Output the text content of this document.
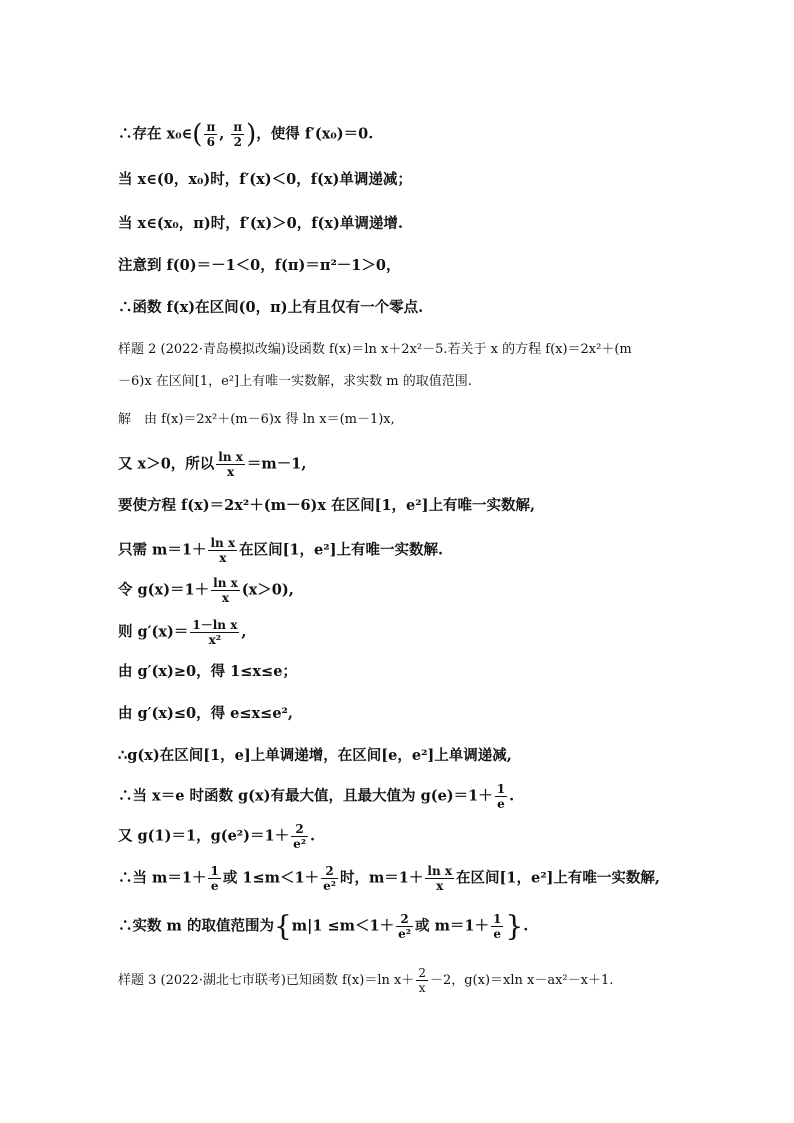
∴存在 x₀∈( $\frac{\pi}{6}$ , $\frac{\pi}{2}$ )，使得 f′(x₀)＝0.
当 x∈(0，x₀)时，f′(x)＜0，f(x)单调递减；
当 x∈(x₀，π)时，f′(x)＞0，f(x)单调递增.
注意到 f(0)＝－1＜0，f(π)＝π²－1＞0，
∴函数 f(x)在区间(0，π)上有且仅有一个零点.
样题 2 (2022·青岛模拟改编)设函数 f(x)＝ln x＋2x²－5.若关于 x 的方程 f(x)＝2x²＋(m
－6)x 在区间[1，e²]上有唯一实数解，求实数 m 的取值范围.
解　由 f(x)＝2x²＋(m－6)x 得 ln x＝(m－1)x,
又 x＞0，所以 $\frac{\text{ln x}}{x} =m-1$,
要使方程 f(x)＝2x²＋(m－6)x 在区间[1，e²]上有唯一实数解,
只需 $m=1+ \frac{\text{ln x}}{x}$ 在区间[1，e²]上有唯一实数解.
令 $g(x)=1+ \frac{\text{ln x}}{x} (x>0)$,
则 $g'(x)= \frac{\text{1－ln x}}{\text{x²}}$ ,
由 g′(x)≥0，得 1≤x≤e；
由 g′(x)≤0，得 e≤x≤e²,
∴g(x)在区间[1，e]上单调递增，在区间[e，e²]上单调递减,
∴当 x＝e 时函数 g(x)有最大值，且最大值为 $g(e)=1+ \frac{1}{e}$ .
又 g(1)＝1，$g(e^2)=1+ \frac{2}{\text{e²}}$ .
∴当 $m=1+ \frac{1}{e}$ 或 $1\le m<1+ \frac{2}{\text{e²}}$ 时，$m=1+ \frac{\text{ln x}}{x}$ 在区间[1，e²]上有唯一实数解,
∴实数 m 的取值范围为{$m|1 \le m<1+ \frac{2}{\text{e²}}$ 或 $m=1+ \frac{1}{e}$ }.
样题 3 (2022·湖北七市联考)已知函数 f(x)＝ln $x+ \frac{2}{x} -2$，g(x)＝xln x－ax²－x＋1.
